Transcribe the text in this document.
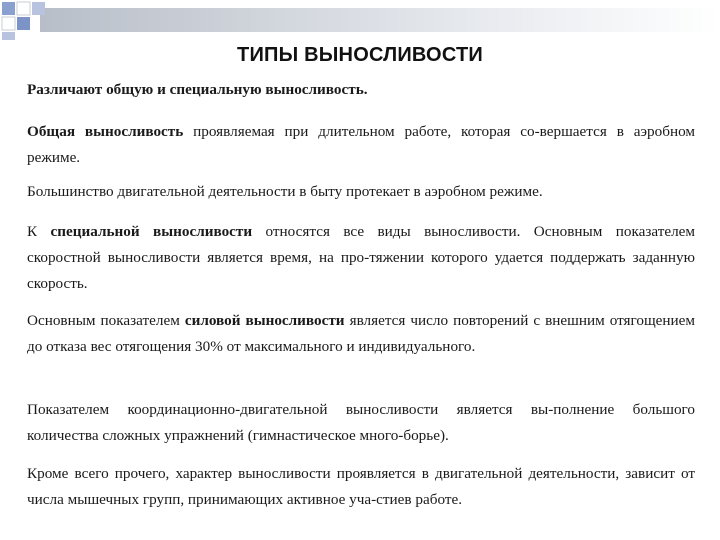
ТИПЫ ВЫНОСЛИВОСТИ
Различают общую и специальную выносливость.
Общая выносливость проявляемая при длительном работе, которая со-вершается в аэробном режиме.
Большинство двигательной деятельности в быту протекает в аэробном режиме.
К специальной выносливости относятся все виды выносливости. Основным показателем скоростной выносливости является время, на про-тяжении которого удается поддержать заданную скорость.
Основным показателем силовой выносливости является число повторений с внешним отягощением до отказа вес отягощения 30% от максимального и индивидуального.
Показателем координационно-двигательной выносливости является вы-полнение большого количества сложных упражнений (гимнастическое много-борье).
Кроме всего прочего, характер выносливости проявляется в двигательной деятельности, зависит от числа мышечных групп, принимающих активное уча-стиев работе.
